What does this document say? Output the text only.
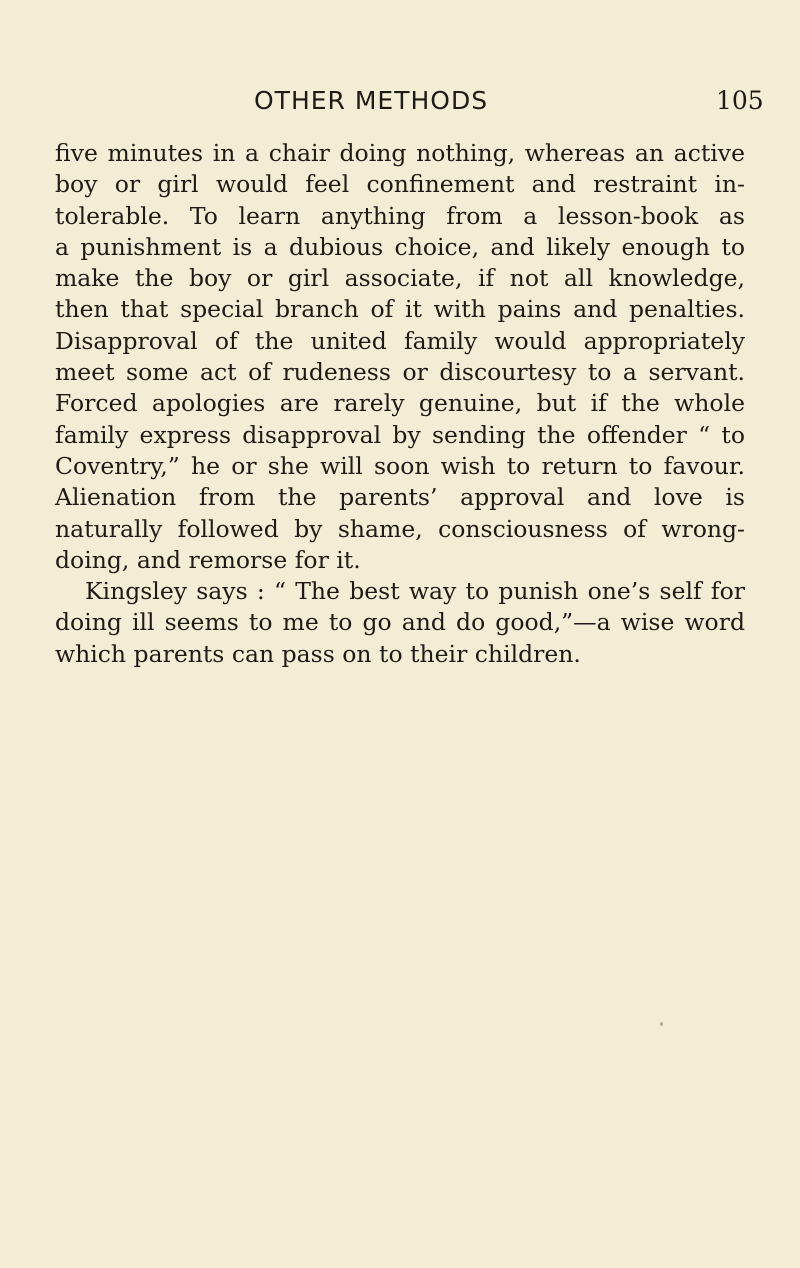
OTHER METHODS	105
five minutes in a chair doing nothing, whereas an active
boy or girl would feel confinement and restraint in-
tolerable. To learn anything from a lesson-book as
a punishment is a dubious choice, and likely enough to
make the boy or girl associate, if not all knowledge,
then that special branch of it with pains and penalties.
Disapproval of the united family would appropriately
meet some act of rudeness or discourtesy to a servant.
Forced apologies are rarely genuine, but if the whole
family express disapproval by sending the offender “ to
Coventry,” he or she will soon wish to return to favour.
Alienation from the parents’ approval and love is
naturally followed by shame, consciousness of wrong-
doing, and remorse for it.
Kingsley says : “ The best way to punish one’s self for
doing ill seems to me to go and do good,”—a wise word
which parents can pass on to their children.
